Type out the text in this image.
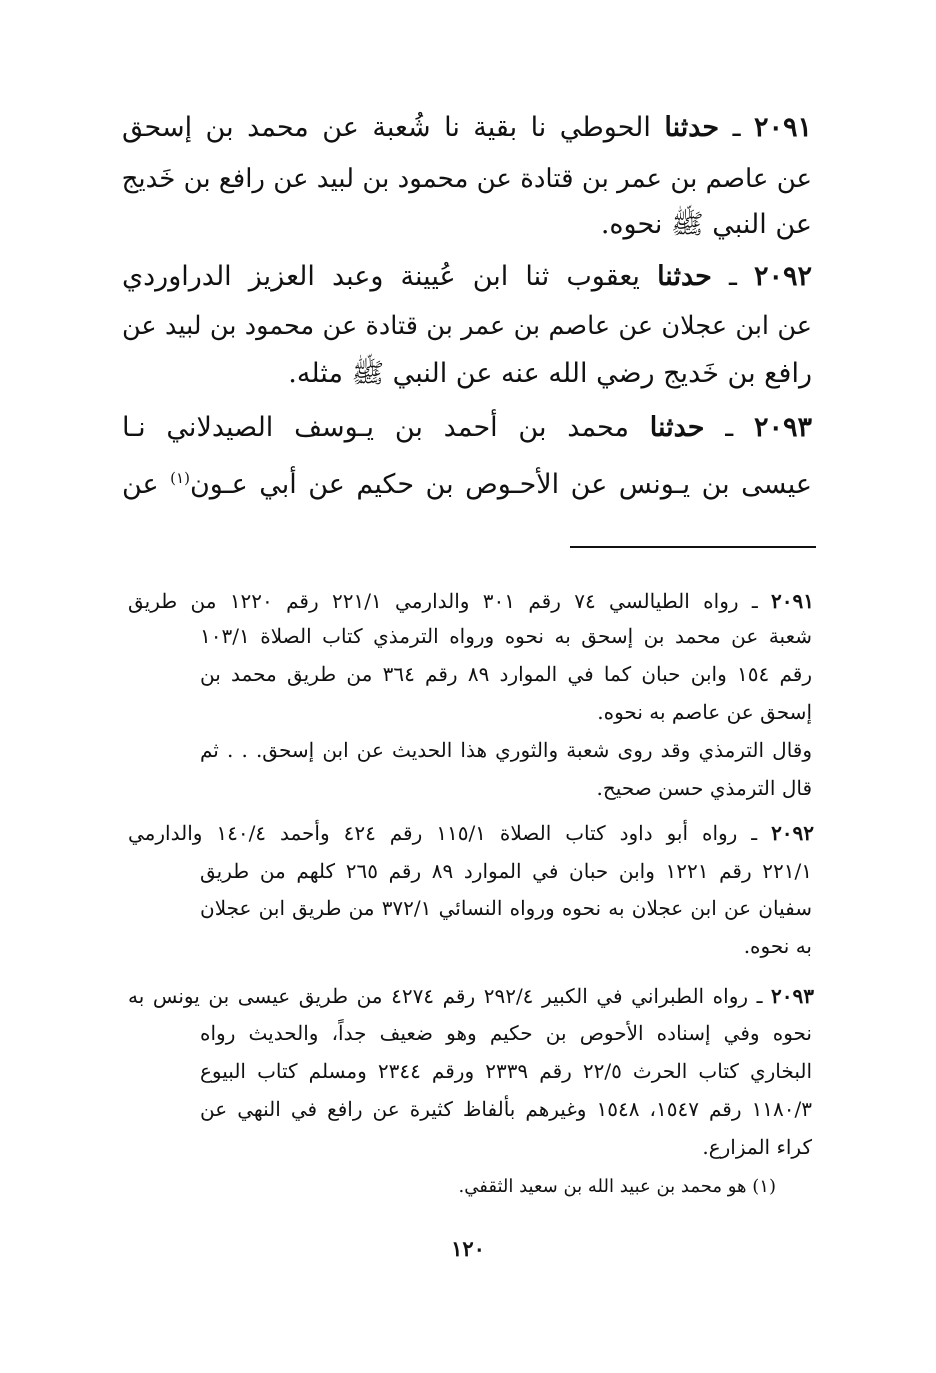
٢٠٩١ ـ حدثنا الحوطي نا بقية نا شُعبة عن محمد بن إسحق
عن عاصم بن عمر بن قتادة عن محمود بن لبيد عن رافع بن خَديج
عن النبي ﷺ نحوه.
٢٠٩٢ ـ حدثنا يعقوب ثنا ابن عُيينة وعبد العزيز الدراوردي
عن ابن عجلان عن عاصم بن عمر بن قتادة عن محمود بن لبيد عن
رافع بن خَديج رضي الله عنه عن النبي ﷺ مثله.
٢٠٩٣ ـ حدثنا محمد بن أحمد بن يـوسف الصيدلاني نـا
عيسى بن يـونس عن الأحـوص بن حكيم عن أبي عـون$^{(١)}$ عن
٢٠٩١ ـ رواه الطيالسي ٧٤ رقم ٣٠١ والدارمي ٢٢١/١ رقم ١٢٢٠ من طريق
شعبة عن محمد بن إسحق به نحوه ورواه الترمذي كتاب الصلاة ١٠٣/١
رقم ١٥٤ وابن حبان كما في الموارد ٨٩ رقم ٣٦٤ من طريق محمد بن
إسحق عن عاصم به نحوه.
وقال الترمذي وقد روى شعبة والثوري هذا الحديث عن ابن إسحق. . . ثم
قال الترمذي حسن صحيح.
٢٠٩٢ ـ رواه أبو داود كتاب الصلاة ١١٥/١ رقم ٤٢٤ وأحمد ١٤٠/٤ والدارمي
٢٢١/١ رقم ١٢٢١ وابن حبان في الموارد ٨٩ رقم ٢٦٥ كلهم من طريق
سفيان عن ابن عجلان به نحوه ورواه النسائي ٣٧٢/١ من طريق ابن عجلان
به نحوه.
٢٠٩٣ ـ رواه الطبراني في الكبير ٢٩٢/٤ رقم ٤٢٧٤ من طريق عيسى بن يونس به
نحوه وفي إسناده الأحوص بن حكيم وهو ضعيف جداً، والحديث رواه
البخاري كتاب الحرث ٢٢/٥ رقم ٢٣٣٩ ورقم ٢٣٤٤ ومسلم كتاب البيوع
١١٨٠/٣ رقم ١٥٤٧، ١٥٤٨ وغيرهم بألفاظ كثيرة عن رافع في النهي عن
كراء المزارع.
(١) هو محمد بن عبيد الله بن سعيد الثقفي.
١٢٠
